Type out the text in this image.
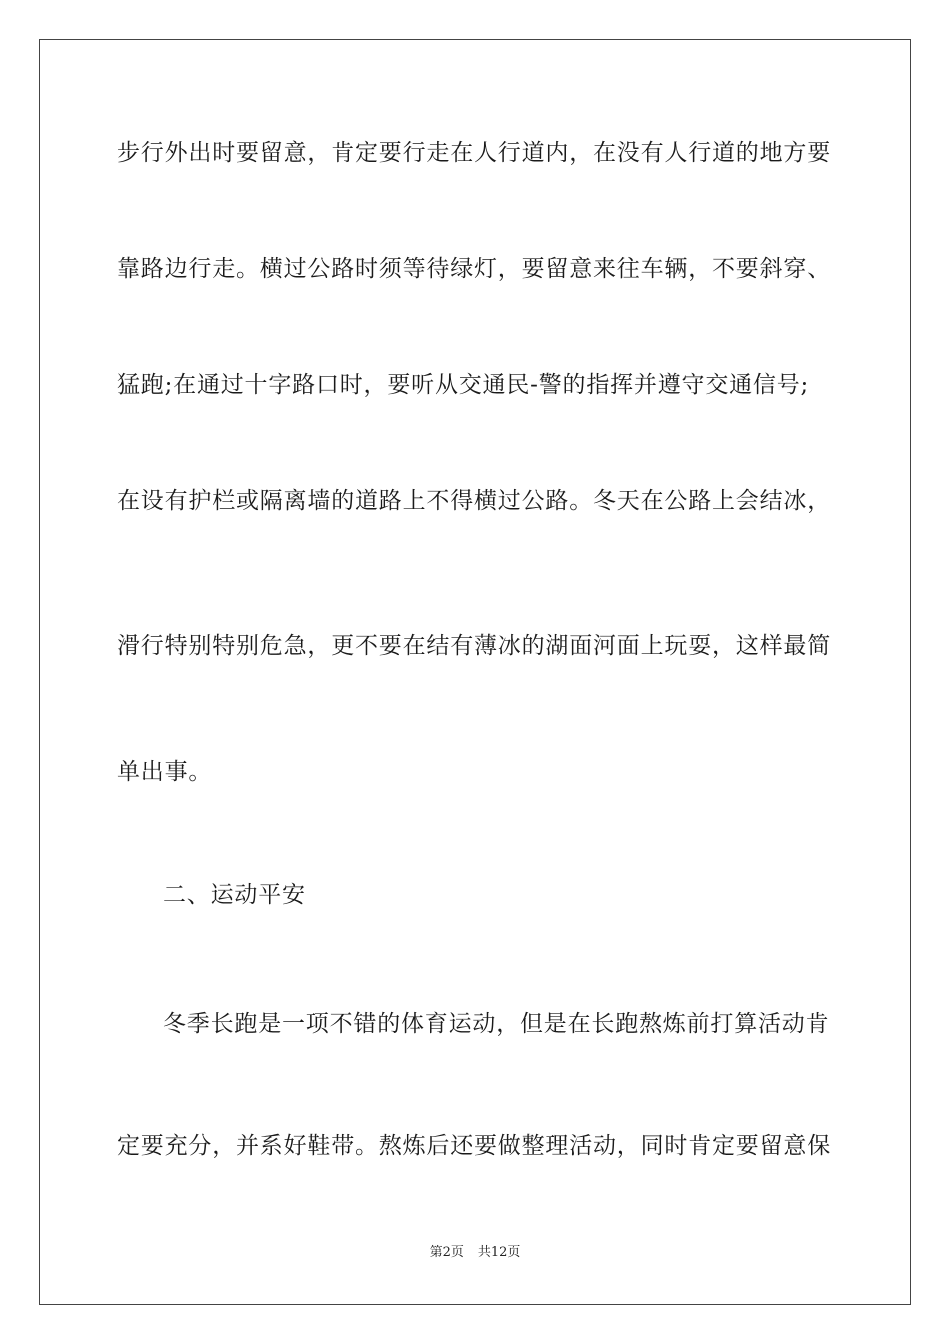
步行外出时要留意，肯定要行走在人行道内，在没有人行道的地方要
靠路边行走。横过公路时须等待绿灯，要留意来往车辆，不要斜穿、
猛跑;在通过十字路口时，要听从交通民-警的指挥并遵守交通信号;
在设有护栏或隔离墙的道路上不得横过公路。冬天在公路上会结冰，
滑行特别特别危急，更不要在结有薄冰的湖面河面上玩耍，这样最简
单出事。
二、运动平安
冬季长跑是一项不错的体育运动，但是在长跑熬炼前打算活动肯
定要充分，并系好鞋带。熬炼后还要做整理活动，同时肯定要留意保
第2页 共12页
